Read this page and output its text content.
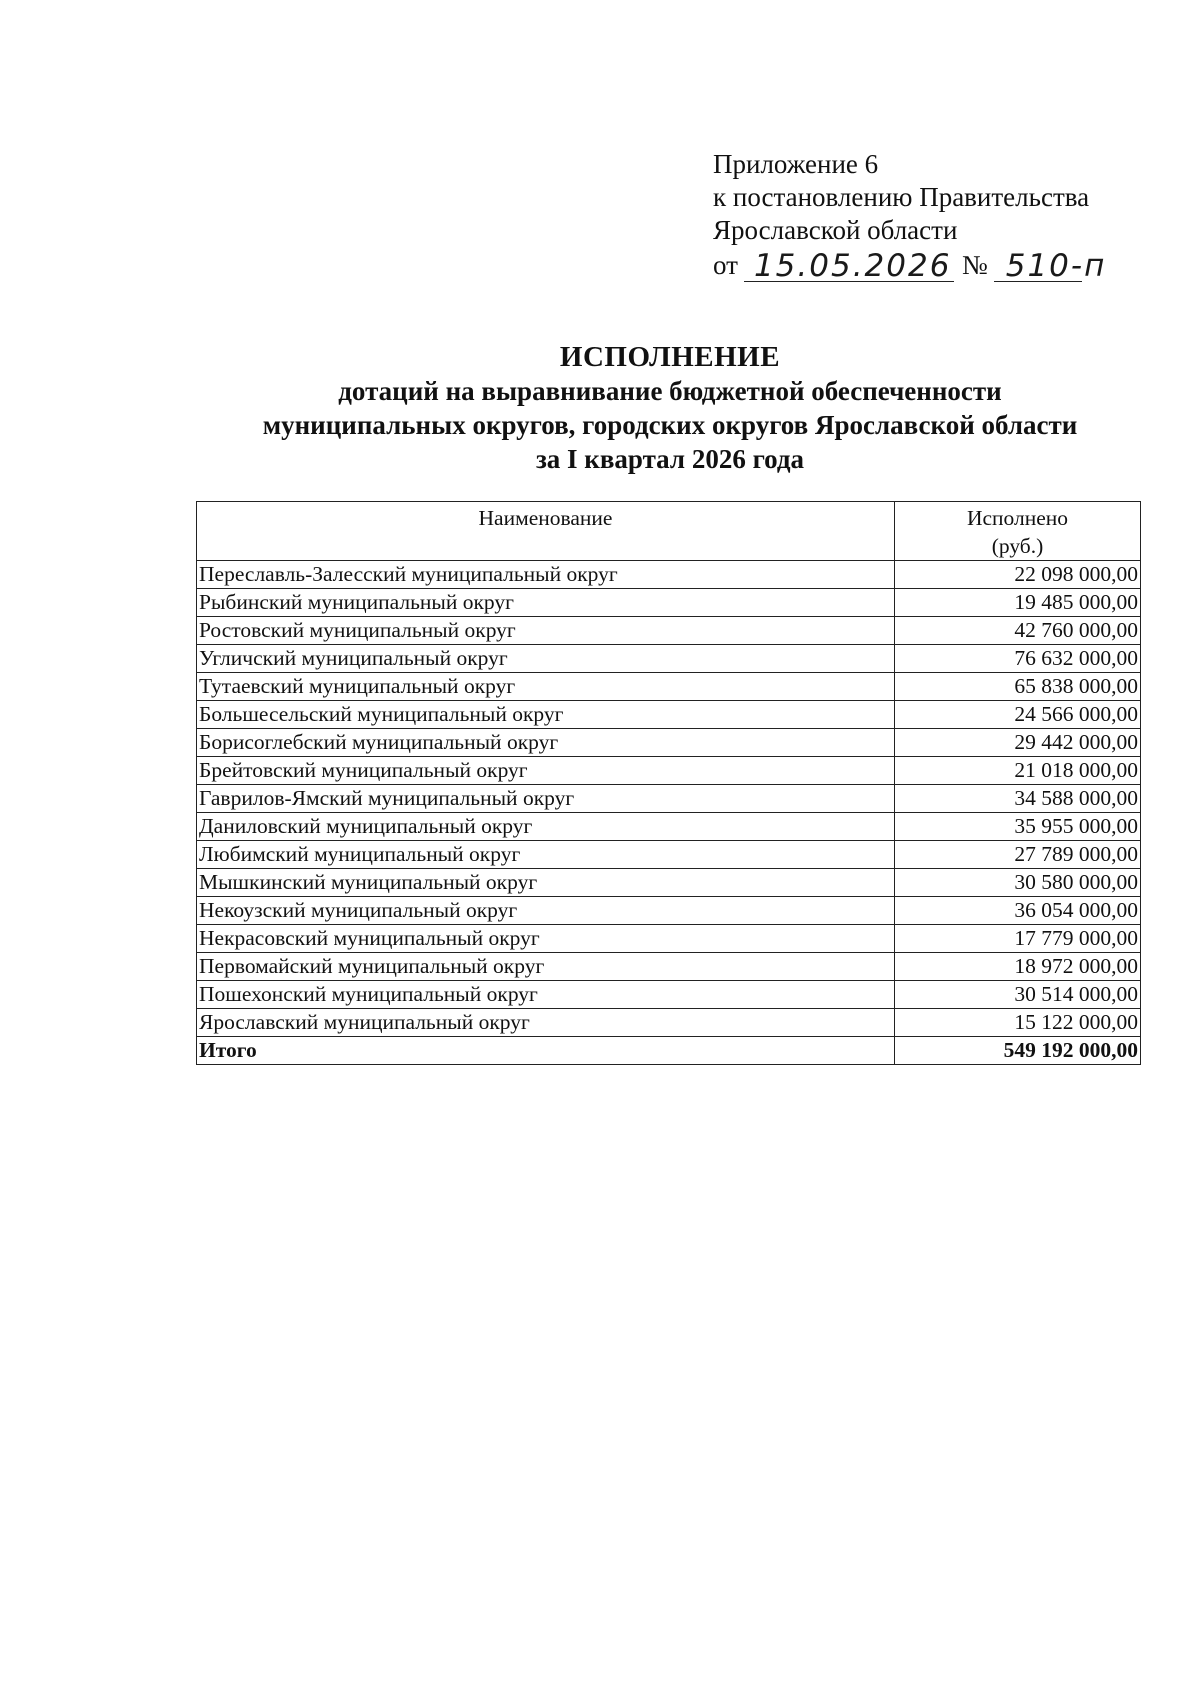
Приложение 6
к постановлению Правительства
Ярославской области
от 15.05.2026 № 510-п
ИСПОЛНЕНИЕ
дотаций на выравнивание бюджетной обеспеченности
муниципальных округов, городских округов Ярославской области
за I квартал 2026 года
Наименование	Исполнено
(руб.)

Переславль-Залесский муниципальный округ	22 098 000,00
Рыбинский муниципальный округ	19 485 000,00
Ростовский муниципальный округ	42 760 000,00
Угличский муниципальный округ	76 632 000,00
Тутаевский муниципальный округ	65 838 000,00
Большесельский муниципальный округ	24 566 000,00
Борисоглебский муниципальный округ	29 442 000,00
Брейтовский муниципальный округ	21 018 000,00
Гаврилов-Ямский муниципальный округ	34 588 000,00
Даниловский муниципальный округ	35 955 000,00
Любимский муниципальный округ	27 789 000,00
Мышкинский муниципальный округ	30 580 000,00
Некоузский муниципальный округ	36 054 000,00
Некрасовский муниципальный округ	17 779 000,00
Первомайский муниципальный округ	18 972 000,00
Пошехонский муниципальный округ	30 514 000,00
Ярославский муниципальный округ	15 122 000,00
Итого	549 192 000,00
